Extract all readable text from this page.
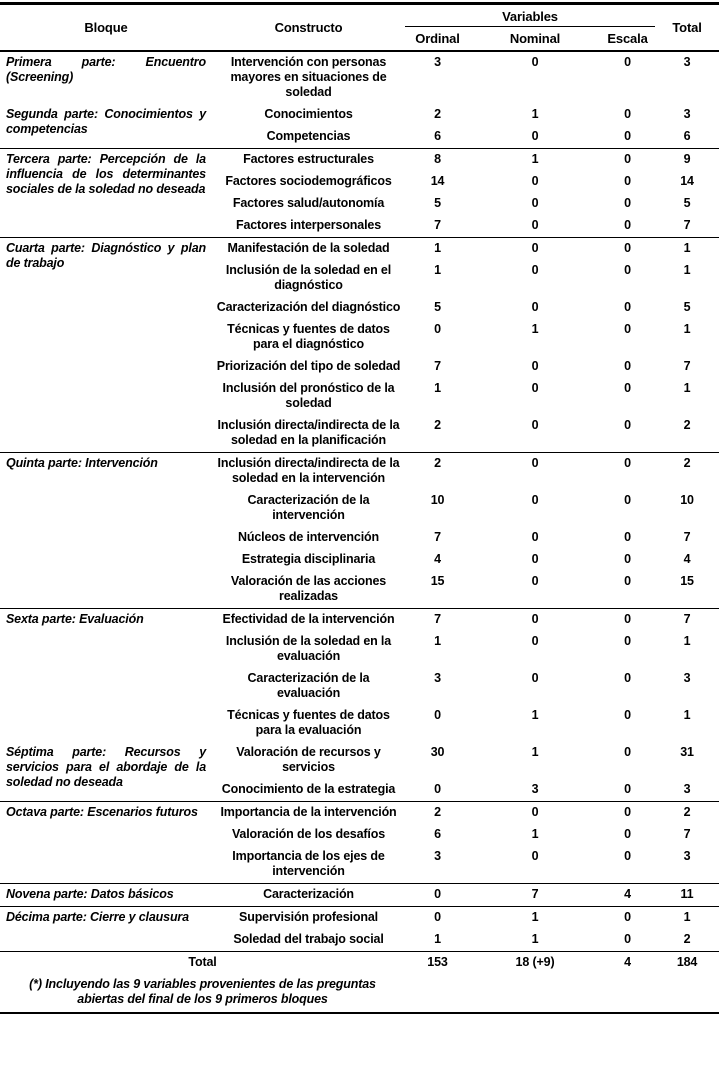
Bloque	Constructo	Variables			Total
		Ordinal	Nominal	Escala	
Primera parte: Encuentro (Screening)	Intervención con personas mayores en situaciones de soledad	3	0	0	3
Segunda parte: Conocimientos y competencias	Conocimientos	2	1	0	3
	Competencias	6	0	0	6
Tercera parte: Percepción de la influencia de los determinantes sociales de la soledad no deseada	Factores estructurales	8	1	0	9
	Factores sociodemográficos	14	0	0	14
	Factores salud/autonomía	5	0	0	5
	Factores interpersonales	7	0	0	7
Cuarta parte: Diagnóstico y plan de trabajo	Manifestación de la soledad	1	0	0	1
	Inclusión de la soledad en el diagnóstico	1	0	0	1
	Caracterización del diagnóstico	5	0	0	5
	Técnicas y fuentes de datos para el diagnóstico	0	1	0	1
	Priorización del tipo de soledad	7	0	0	7
	Inclusión del pronóstico de la soledad	1	0	0	1
	Inclusión directa/indirecta de la soledad en la planificación	2	0	0	2
Quinta parte: Intervención	Inclusión directa/indirecta de la soledad en la intervención	2	0	0	2
	Caracterización de la intervención	10	0	0	10
	Núcleos de intervención	7	0	0	7
	Estrategia disciplinaria	4	0	0	4
	Valoración de las acciones realizadas	15	0	0	15
Sexta parte: Evaluación	Efectividad de la intervención	7	0	0	7
	Inclusión de la soledad en la evaluación	1	0	0	1
	Caracterización de la evaluación	3	0	0	3
	Técnicas y fuentes de datos para la evaluación	0	1	0	1
Séptima parte: Recursos y servicios para el abordaje de la soledad no deseada	Valoración de recursos y servicios	30	1	0	31
	Conocimiento de la estrategia	0	3	0	3
Octava parte: Escenarios futuros	Importancia de la intervención	2	0	0	2
	Valoración de los desafíos	6	1	0	7
	Importancia de los ejes de intervención	3	0	0	3
Novena parte: Datos básicos	Caracterización	0	7	4	11
Décima parte: Cierre y clausura	Supervisión profesional	0	1	0	1
	Soledad del trabajo social	1	1	0	2
Total		153	18 (+9)	4	184
(*) Incluyendo las 9 variables provenientes de las preguntas abiertas del final de los 9 primeros bloques					
